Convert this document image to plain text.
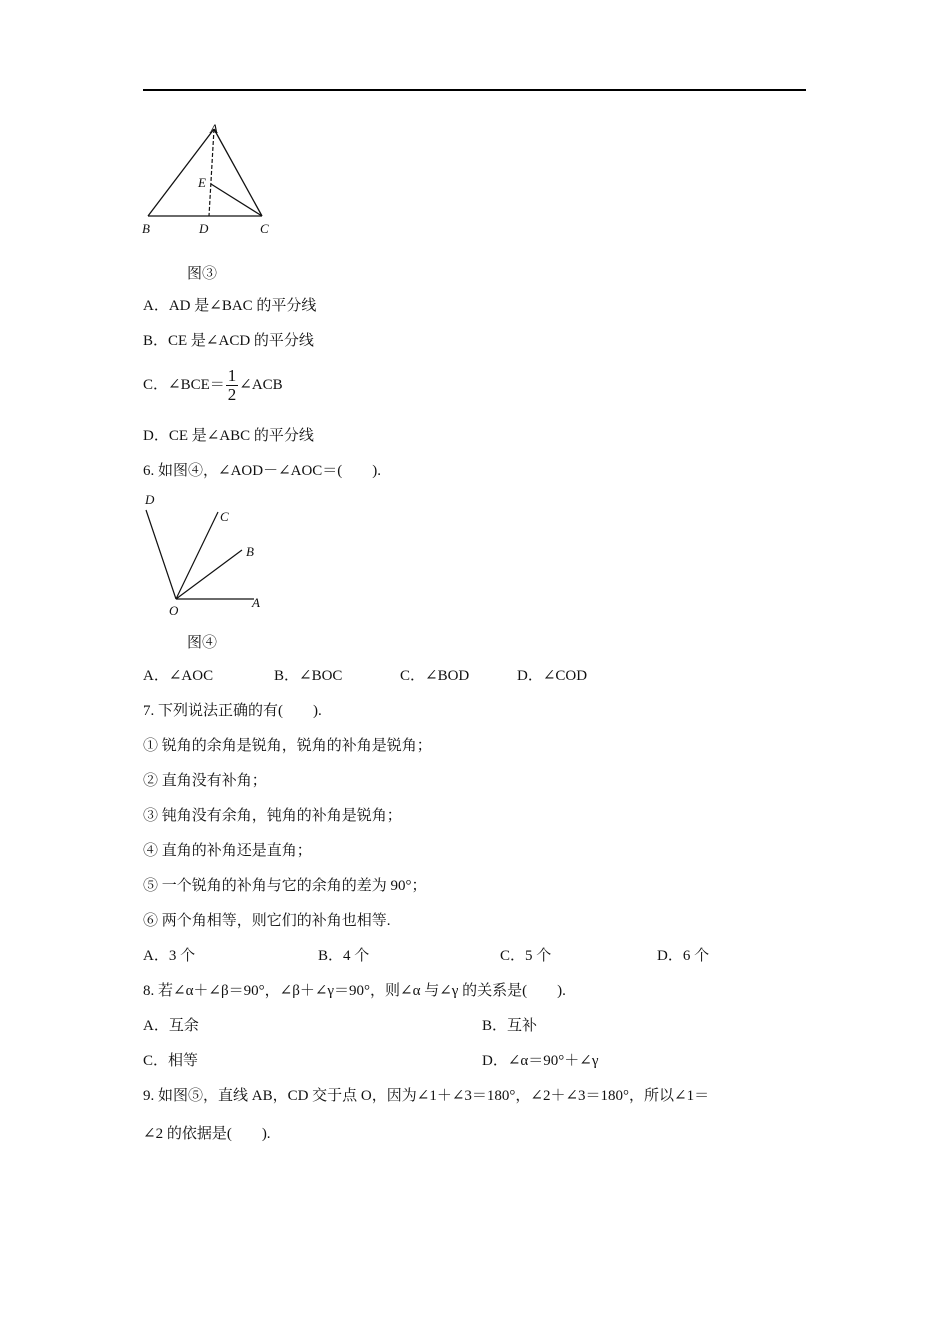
A
E
B	D	C
图③
A．AD 是∠BAC 的平分线
B．CE 是∠ACD 的平分线
C．∠BCE＝ $\frac{1}{2}$ ∠ACB
D．CE 是∠ABC 的平分线
6. 如图④，∠AOD－∠AOC＝(　　).
D
C
B
O
A
图④
A．∠AOC	B．∠BOC	C．∠BOD	D．∠COD
7. 下列说法正确的有(　　).
① 锐角的余角是锐角，锐角的补角是锐角；
② 直角没有补角；
③ 钝角没有余角，钝角的补角是锐角；
④ 直角的补角还是直角；
⑤ 一个锐角的补角与它的余角的差为 90°；
⑥ 两个角相等，则它们的补角也相等.
A．3 个	B．4 个	C．5 个	D．6 个
8. 若∠α＋∠β＝90°，∠β＋∠γ＝90°，则∠α 与∠γ 的关系是(　　).
A．互余	B．互补
C．相等	D．∠α＝90°＋∠γ
9. 如图⑤，直线 AB，CD 交于点 O，因为∠1＋∠3＝180°，∠2＋∠3＝180°，所以∠1＝
∠2 的依据是(　　).
